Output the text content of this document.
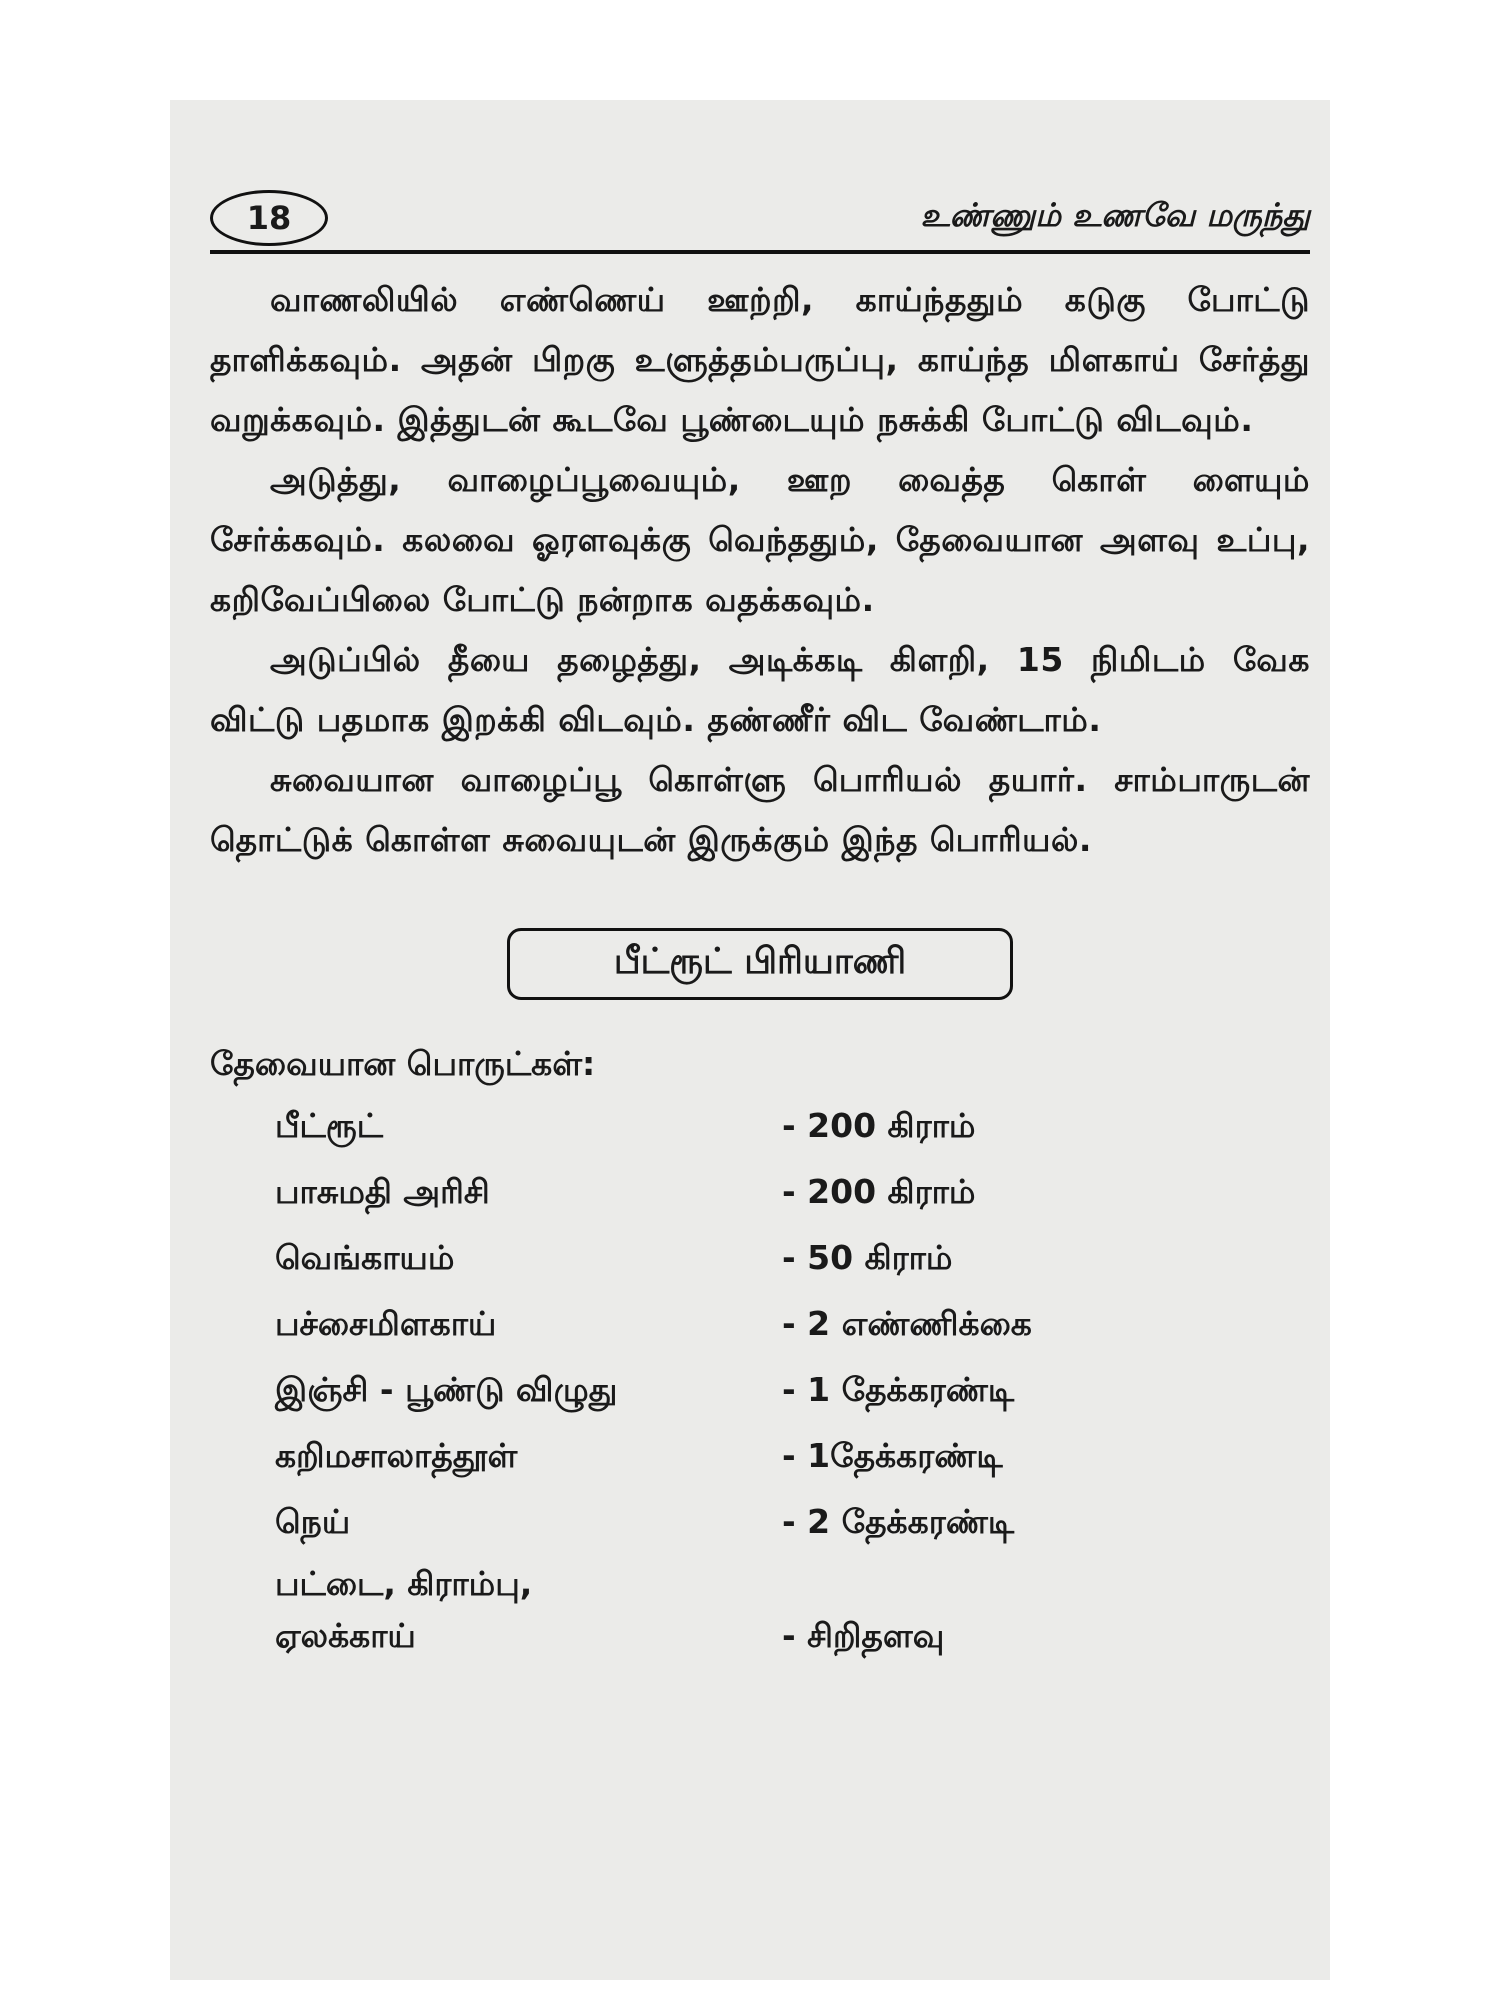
18	உண்ணும் உணவே மருந்து

வாணலியில் எண்ணெய் ஊற்றி, காய்ந்ததும் கடுகு போட்டு தாளிக்கவும். அதன் பிறகு உளுத்தம்பருப்பு, காய்ந்த மிளகாய் சேர்த்து வறுக்கவும். இத்துடன் கூடவே பூண்டையும் நசுக்கி போட்டு விடவும்.

அடுத்து, வாழைப்பூவையும், ஊற வைத்த கொள் ளையும் சேர்க்கவும். கலவை ஓரளவுக்கு வெந்ததும், தேவையான அளவு உப்பு, கறிவேப்பிலை போட்டு நன்றாக வதக்கவும்.

அடுப்பில் தீயை தழைத்து, அடிக்கடி கிளறி, 15 நிமிடம் வேக விட்டு பதமாக இறக்கி விடவும். தண்ணீர் விட வேண்டாம்.

சுவையான வாழைப்பூ கொள்ளு பொரியல் தயார். சாம்பாருடன் தொட்டுக் கொள்ள சுவையுடன் இருக்கும் இந்த பொரியல்.

பீட்ரூட் பிரியாணி
தேவையான பொருட்கள்:
பீட்ரூட்	- 200 கிராம்
பாசுமதி அரிசி	- 200 கிராம்
வெங்காயம்	- 50 கிராம்
பச்சைமிளகாய்	- 2 எண்ணிக்கை
இஞ்சி - பூண்டு விழுது	- 1 தேக்கரண்டி
கறிமசாலாத்தூள்	- 1தேக்கரண்டி
நெய்	- 2 தேக்கரண்டி
பட்டை, கிராம்பு,
ஏலக்காய்	- சிறிதளவு
